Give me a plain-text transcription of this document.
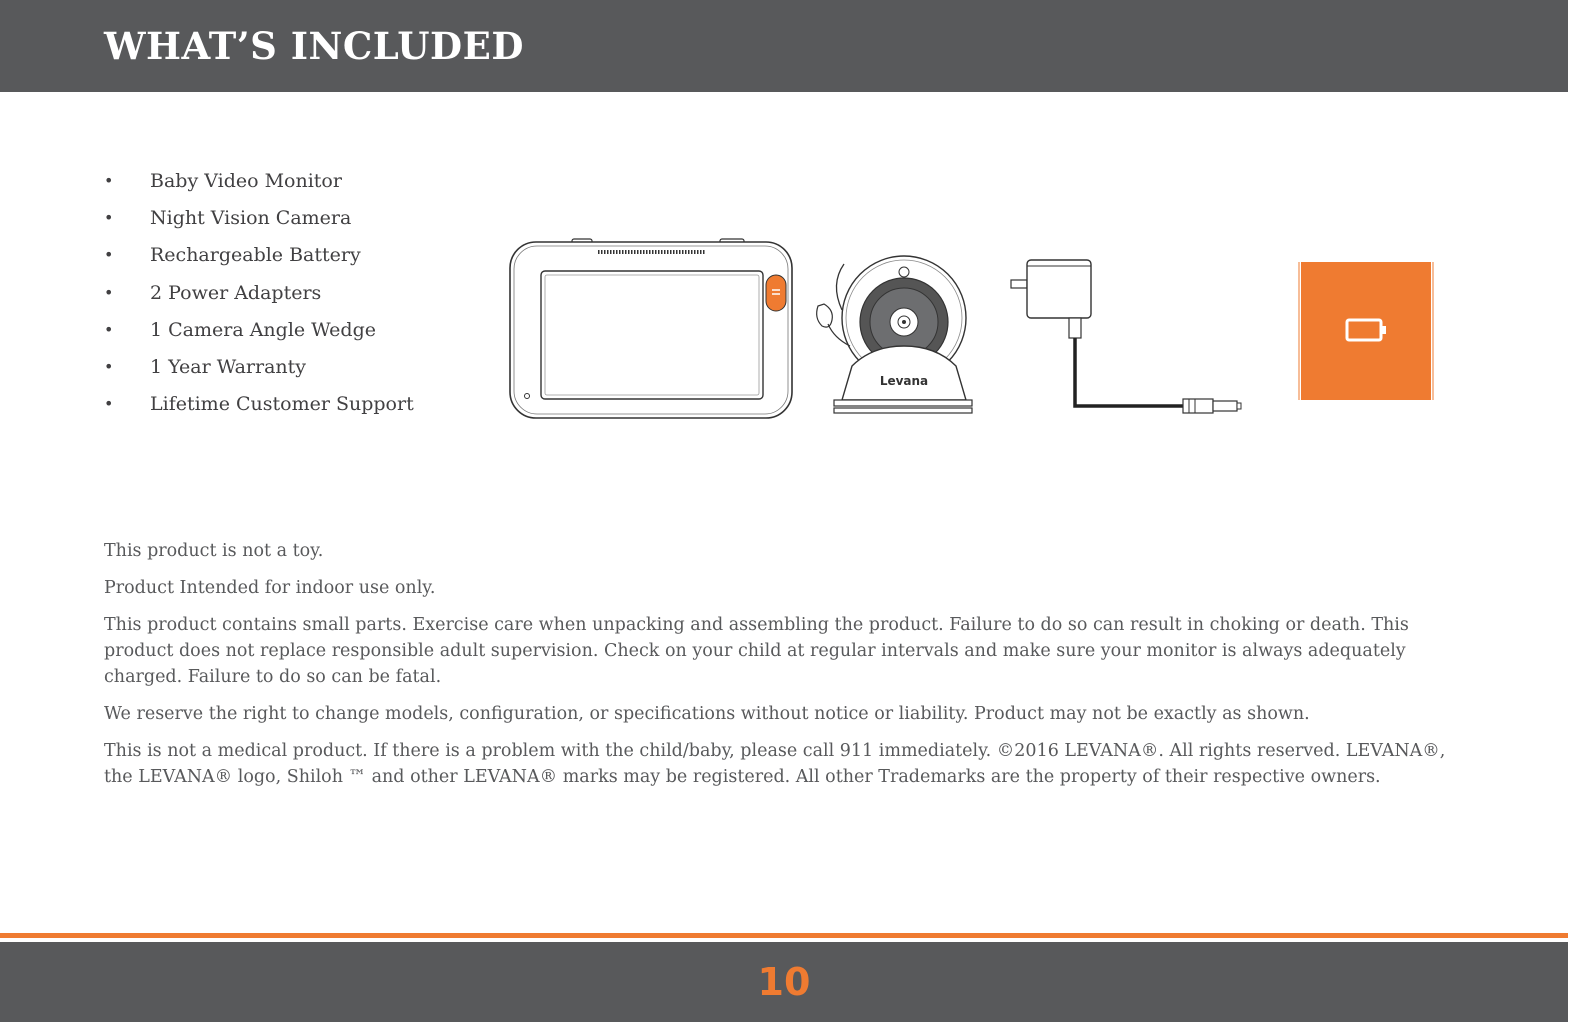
WHAT’S INCLUDED
• Baby Video Monitor
• Night Vision Camera
• Rechargeable Battery
• 2 Power Adapters
• 1 Camera Angle Wedge
• 1 Year Warranty
• Lifetime Customer Support
Levana

This product is not a toy.

Product Intended for indoor use only.

This product contains small parts. Exercise care when unpacking and assembling the product. Failure to do so can result in choking or death. This product does not replace responsible adult supervision. Check on your child at regular intervals and make sure your monitor is always adequately charged. Failure to do so can be fatal.

We reserve the right to change models, configuration, or specifications without notice or liability. Product may not be exactly as shown.

This is not a medical product. If there is a problem with the child/baby, please call 911 immediately. ©2016 LEVANA®. All rights reserved. LEVANA®, the LEVANA® logo, Shiloh ™ and other LEVANA® marks may be registered. All other Trademarks are the property of their respective owners.

10
